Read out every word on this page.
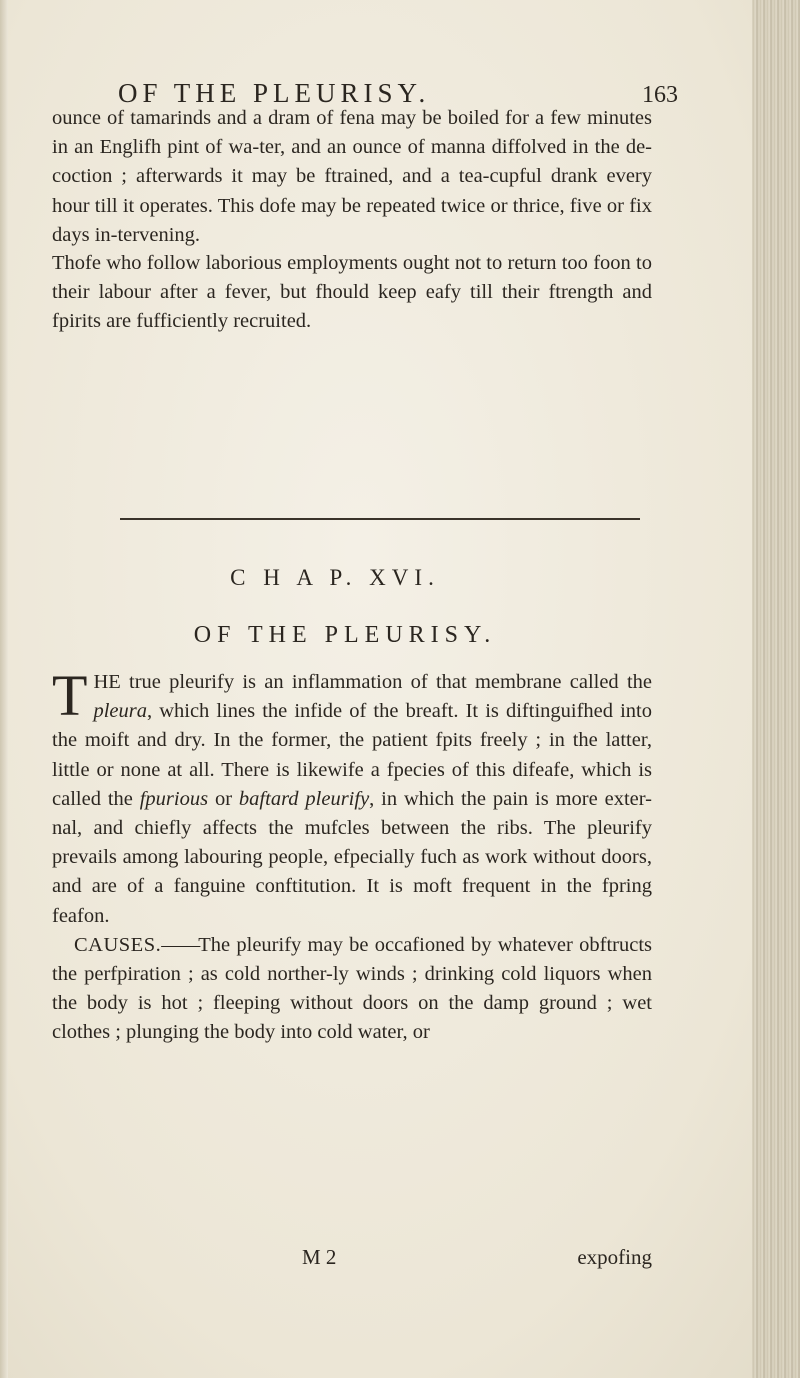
OF THE PLEURISY.	163

ounce of tamarinds and a dram of fena may be boiled for a few minutes in an Englifh pint of wa-ter, and an ounce of manna diffolved in the de-coction ; afterwards it may be ftrained, and a tea-cupful drank every hour till it operates. This dofe may be repeated twice or thrice, five or fix days in-tervening.

Thofe who follow laborious employments ought not to return too foon to their labour after a fever, but fhould keep eafy till their ftrength and fpirits are fufficiently recruited.

C H A P. XVI.
OF THE PLEURISY.

THE true pleurify is an inflammation of that membrane called the pleura, which lines the infide of the breaft. It is diftinguifhed into the moift and dry. In the former, the patient fpits freely ; in the latter, little or none at all. There is likewife a fpecies of this difeafe, which is called the fpurious or baftard pleurify, in which the pain is more exter-nal, and chiefly affects the mufcles between the ribs. The pleurify prevails among labouring people, efpecially fuch as work without doors, and are of a fanguine conftitution. It is moft frequent in the fpring feafon.
CAUSES.——The pleurify may be occafioned by whatever obftructs the perfpiration ; as cold norther-ly winds ; drinking cold liquors when the body is hot ; fleeping without doors on the damp ground ; wet clothes ; plunging the body into cold water, or

M 2	expofing
